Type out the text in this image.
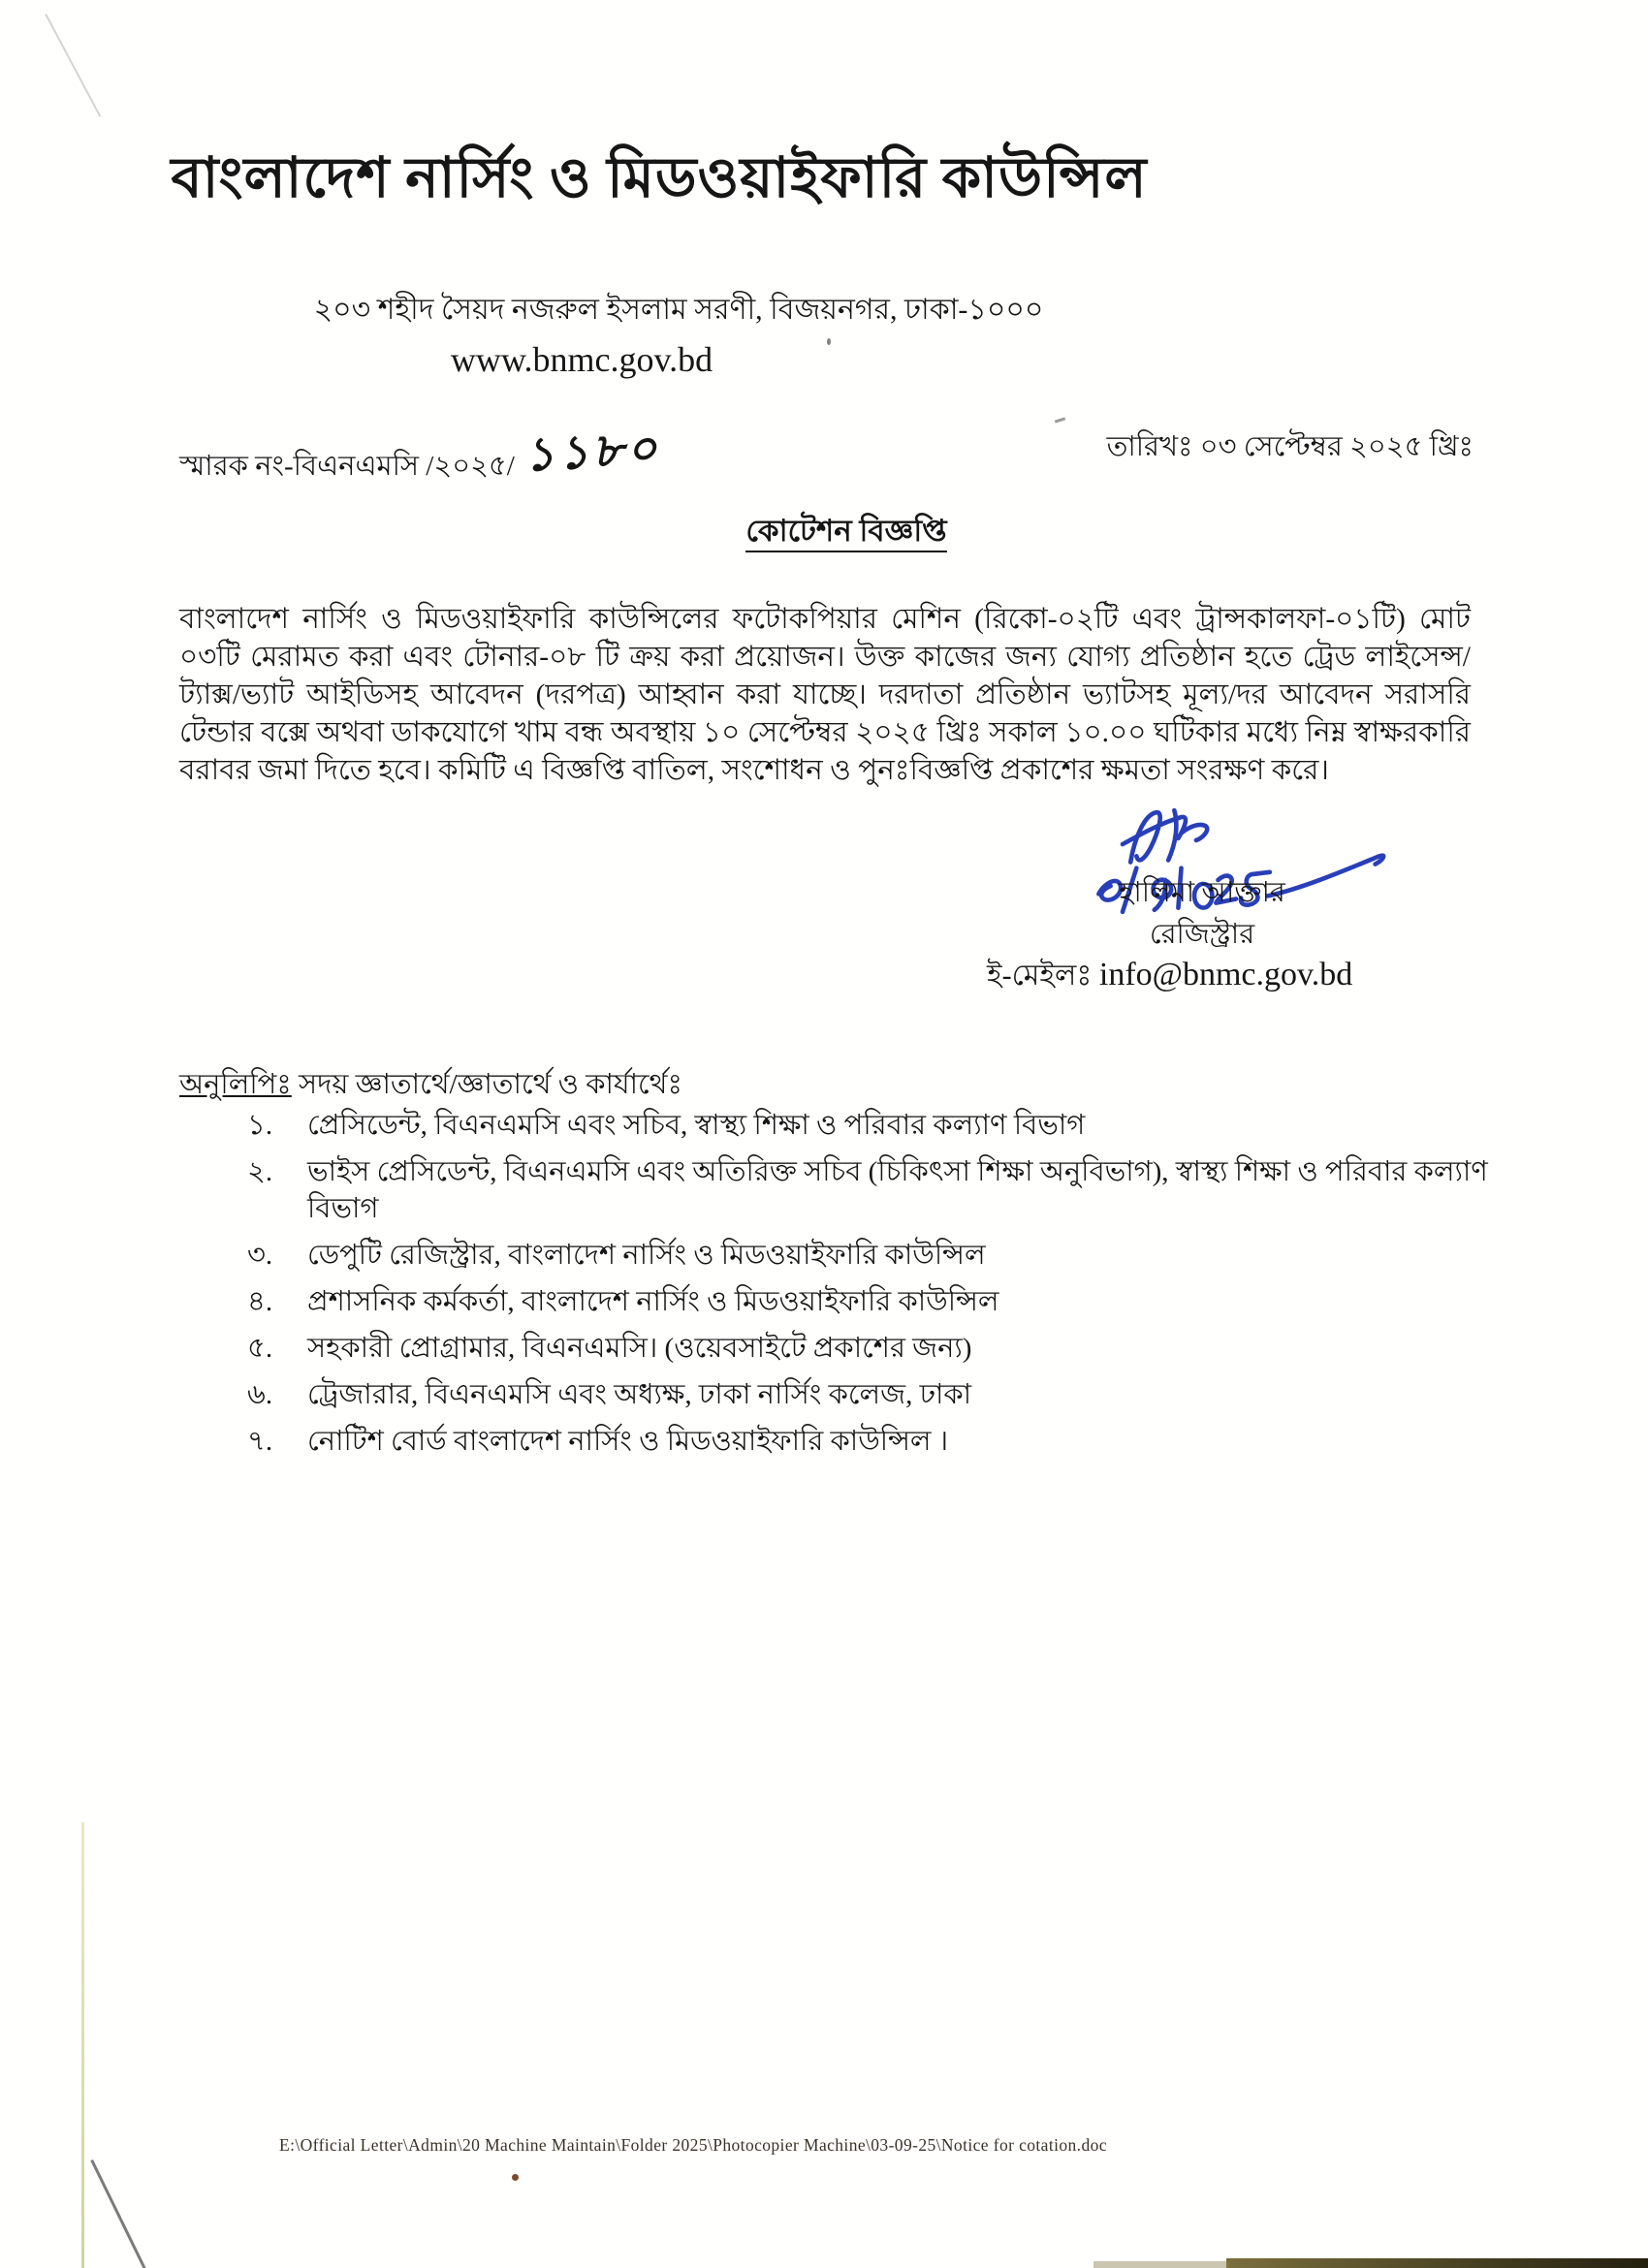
বাংলাদেশ নার্সিং ও মিডওয়াইফারি কাউন্সিল
২০৩ শহীদ সৈয়দ নজরুল ইসলাম সরণী, বিজয়নগর, ঢাকা-১০০০
www.bnmc.gov.bd
স্মারক নং-বিএনএমসি /২০২৫/ ১১৮০	তারিখঃ ০৩ সেপ্টেম্বর ২০২৫ খ্রিঃ
কোটেশন বিজ্ঞপ্তি
বাংলাদেশ নার্সিং ও মিডওয়াইফারি কাউন্সিলের ফটোকপিয়ার মেশিন (রিকো-০২টি এবং ট্রান্সকালফা-০১টি) মোট ০৩টি মেরামত করা এবং টোনার-০৮ টি ক্রয় করা প্রয়োজন। উক্ত কাজের জন্য যোগ্য প্রতিষ্ঠান হতে ট্রেড লাইসেন্স/ট্যাক্স/ভ্যাট আইডিসহ আবেদন (দরপত্র) আহ্বান করা যাচ্ছে। দরদাতা প্রতিষ্ঠান ভ্যাটসহ মূল্য/দর আবেদন সরাসরি টেন্ডার বক্সে অথবা ডাকযোগে খাম বন্ধ অবস্থায় ১০ সেপ্টেম্বর ২০২৫ খ্রিঃ সকাল ১০.০০ ঘটিকার মধ্যে নিম্ন স্বাক্ষরকারি বরাবর জমা দিতে হবে। কমিটি এ বিজ্ঞপ্তি বাতিল, সংশোধন ও পুনঃবিজ্ঞপ্তি প্রকাশের ক্ষমতা সংরক্ষণ করে।
হালিমা আক্তার
রেজিস্ট্রার
ই-মেইলঃ info@bnmc.gov.bd
অনুলিপিঃ সদয় জ্ঞাতার্থে/জ্ঞাতার্থে ও কার্যার্থেঃ
১.	প্রেসিডেন্ট, বিএনএমসি এবং সচিব, স্বাস্থ্য শিক্ষা ও পরিবার কল্যাণ বিভাগ
২.	ভাইস প্রেসিডেন্ট, বিএনএমসি এবং অতিরিক্ত সচিব (চিকিৎসা শিক্ষা অনুবিভাগ), স্বাস্থ্য শিক্ষা ও পরিবার কল্যাণ বিভাগ
৩.	ডেপুটি রেজিস্ট্রার, বাংলাদেশ নার্সিং ও মিডওয়াইফারি কাউন্সিল
৪.	প্রশাসনিক কর্মকর্তা, বাংলাদেশ নার্সিং ও মিডওয়াইফারি কাউন্সিল
৫.	সহকারী প্রোগ্রামার, বিএনএমসি। (ওয়েবসাইটে প্রকাশের জন্য)
৬.	ট্রেজারার, বিএনএমসি এবং অধ্যক্ষ, ঢাকা নার্সিং কলেজ, ঢাকা
৭.	নোটিশ বোর্ড বাংলাদেশ নার্সিং ও মিডওয়াইফারি কাউন্সিল ।
E:\Official Letter\Admin\20 Machine Maintain\Folder 2025\Photocopier Machine\03-09-25\Notice for cotation.doc
